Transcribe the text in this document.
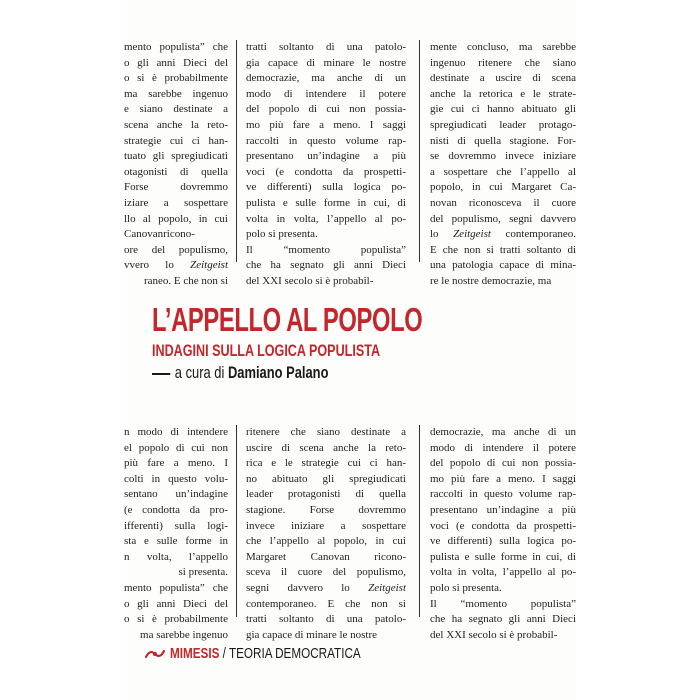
mento populista” che
o gli anni Dieci del
o si è probabilmente
ma sarebbe ingenuo
e siano destinate a
scena anche la reto-
strategie cui ci han-
tuato gli spregiudicati
otagonisti di quella
Forse dovremmo
iziare a sospettare
llo al popolo, in cui
Canovanricono-
ore del populismo,
vvero lo Zeitgeist
raneo. E che non si
tratti soltanto di una patolo-
gia capace di minare le nostre
democrazie, ma anche di un
modo di intendere il potere
del popolo di cui non possia-
mo più fare a meno. I saggi
raccolti in questo volume rap-
presentano un’indagine a più
voci (e condotta da prospetti-
ve differenti) sulla logica po-
pulista e sulle forme in cui, di
volta in volta, l’appello al po-
polo si presenta.
Il “momento populista”
che ha segnato gli anni Dieci
del XXI secolo si è probabil-
mente concluso, ma sarebbe
ingenuo ritenere che siano
destinate a uscire di scena
anche la retorica e le strate-
gie cui ci hanno abituato gli
spregiudicati leader protago-
nisti di quella stagione. For-
se dovremmo invece iniziare
a sospettare che l’appello al
popolo, in cui Margaret Ca-
novan riconosceva il cuore
del populismo, segni davvero
lo Zeitgeist contemporaneo.
E che non si tratti soltanto di
una patologia capace di mina-
re le nostre democrazie, ma
L’APPELLO AL POPOLO
INDAGINI SULLA LOGICA POPULISTA
a cura di Damiano Palano
n modo di intendere
el popolo di cui non
più fare a meno. I
colti in questo volu-
sentano un’indagine
(e condotta da pro-
ifferenti) sulla logi-
sta e sulle forme in
n volta, l’appello
si presenta.
mento populista” che
o gli anni Dieci del
o si è probabilmente
ma sarebbe ingenuo
ritenere che siano destinate a
uscire di scena anche la reto-
rica e le strategie cui ci han-
no abituato gli spregiudicati
leader protagonisti di quella
stagione. Forse dovremmo
invece iniziare a sospettare
che l’appello al popolo, in cui
Margaret Canovan ricono-
sceva il cuore del populismo,
segni davvero lo Zeitgeist
contemporaneo. E che non si
tratti soltanto di una patolo-
gia capace di minare le nostre
democrazie, ma anche di un
modo di intendere il potere
del popolo di cui non possia-
mo più fare a meno. I saggi
raccolti in questo volume rap-
presentano un’indagine a più
voci (e condotta da prospetti-
ve differenti) sulla logica po-
pulista e sulle forme in cui, di
volta in volta, l’appello al po-
polo si presenta.
Il “momento populista”
che ha segnato gli anni Dieci
del XXI secolo si è probabil-
MIMESIS / TEORIA DEMOCRATICA
